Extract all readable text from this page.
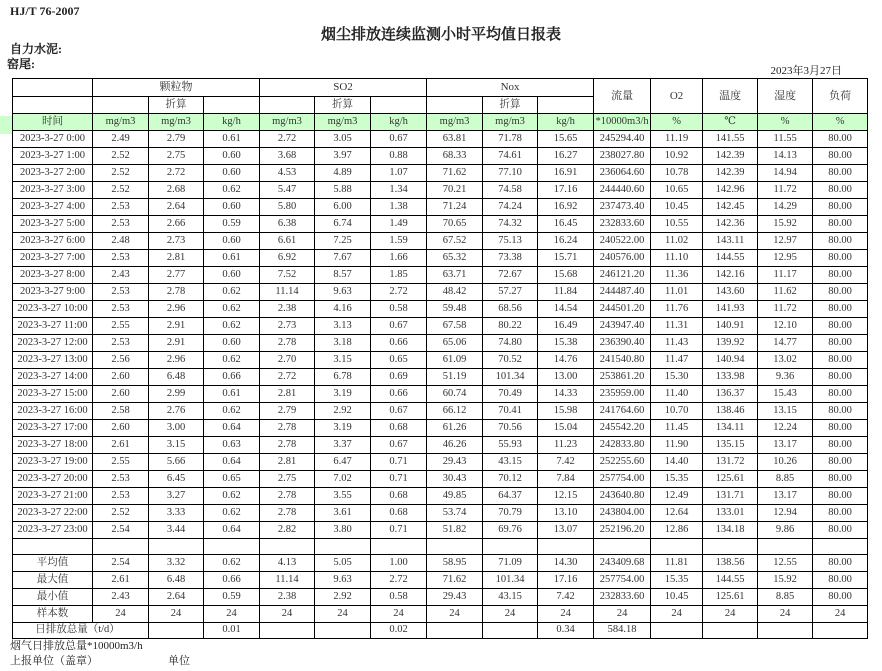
HJ/T 76-2007
烟尘排放连续监测小时平均值日报表
自力水泥:
窑尾:	2023年3月27日
	颗粒物			SO2			Nox			流量	O2	温度	湿度	负荷
		折算			折算			折算						
时间	mg/m3	mg/m3	kg/h	mg/m3	mg/m3	kg/h	mg/m3	mg/m3	kg/h	*10000m3/h	%	℃	%	%
2023-3-27 0:00	2.49	2.79	0.61	2.72	3.05	0.67	63.81	71.78	15.65	245294.40	11.19	141.55	11.55	80.00
2023-3-27 1:00	2.52	2.75	0.60	3.68	3.97	0.88	68.33	74.61	16.27	238027.80	10.92	142.39	14.13	80.00
2023-3-27 2:00	2.52	2.72	0.60	4.53	4.89	1.07	71.62	77.10	16.91	236064.60	10.78	142.39	14.94	80.00
2023-3-27 3:00	2.52	2.68	0.62	5.47	5.88	1.34	70.21	74.58	17.16	244440.60	10.65	142.96	11.72	80.00
2023-3-27 4:00	2.53	2.64	0.60	5.80	6.00	1.38	71.24	74.24	16.92	237473.40	10.45	142.45	14.29	80.00
2023-3-27 5:00	2.53	2.66	0.59	6.38	6.74	1.49	70.65	74.32	16.45	232833.60	10.55	142.36	15.92	80.00
2023-3-27 6:00	2.48	2.73	0.60	6.61	7.25	1.59	67.52	75.13	16.24	240522.00	11.02	143.11	12.97	80.00
2023-3-27 7:00	2.53	2.81	0.61	6.92	7.67	1.66	65.32	73.38	15.71	240576.00	11.10	144.55	12.95	80.00
2023-3-27 8:00	2.43	2.77	0.60	7.52	8.57	1.85	63.71	72.67	15.68	246121.20	11.36	142.16	11.17	80.00
2023-3-27 9:00	2.53	2.78	0.62	11.14	9.63	2.72	48.42	57.27	11.84	244487.40	11.01	143.60	11.62	80.00
2023-3-27 10:00	2.53	2.96	0.62	2.38	4.16	0.58	59.48	68.56	14.54	244501.20	11.76	141.93	11.72	80.00
2023-3-27 11:00	2.55	2.91	0.62	2.73	3.13	0.67	67.58	80.22	16.49	243947.40	11.31	140.91	12.10	80.00
2023-3-27 12:00	2.53	2.91	0.60	2.78	3.18	0.66	65.06	74.80	15.38	236390.40	11.43	139.92	14.77	80.00
2023-3-27 13:00	2.56	2.96	0.62	2.70	3.15	0.65	61.09	70.52	14.76	241540.80	11.47	140.94	13.02	80.00
2023-3-27 14:00	2.60	6.48	0.66	2.72	6.78	0.69	51.19	101.34	13.00	253861.20	15.30	133.98	9.36	80.00
2023-3-27 15:00	2.60	2.99	0.61	2.81	3.19	0.66	60.74	70.49	14.33	235959.00	11.40	136.37	15.43	80.00
2023-3-27 16:00	2.58	2.76	0.62	2.79	2.92	0.67	66.12	70.41	15.98	241764.60	10.70	138.46	13.15	80.00
2023-3-27 17:00	2.60	3.00	0.64	2.78	3.19	0.68	61.26	70.56	15.04	245542.20	11.45	134.11	12.24	80.00
2023-3-27 18:00	2.61	3.15	0.63	2.78	3.37	0.67	46.26	55.93	11.23	242833.80	11.90	135.15	13.17	80.00
2023-3-27 19:00	2.55	5.66	0.64	2.81	6.47	0.71	29.43	43.15	7.42	252255.60	14.40	131.72	10.26	80.00
2023-3-27 20:00	2.53	6.45	0.65	2.75	7.02	0.71	30.43	70.12	7.84	257754.00	15.35	125.61	8.85	80.00
2023-3-27 21:00	2.53	3.27	0.62	2.78	3.55	0.68	49.85	64.37	12.15	243640.80	12.49	131.71	13.17	80.00
2023-3-27 22:00	2.52	3.33	0.62	2.78	3.61	0.68	53.74	70.79	13.10	243804.00	12.64	133.01	12.94	80.00
2023-3-27 23:00	2.54	3.44	0.64	2.82	3.80	0.71	51.82	69.76	13.07	252196.20	12.86	134.18	9.86	80.00

平均值	2.54	3.32	0.62	4.13	5.05	1.00	58.95	71.09	14.30	243409.68	11.81	138.56	12.55	80.00
最大值	2.61	6.48	0.66	11.14	9.63	2.72	71.62	101.34	17.16	257754.00	15.35	144.55	15.92	80.00
最小值	2.43	2.64	0.59	2.38	2.92	0.58	29.43	43.15	7.42	232833.60	10.45	125.61	8.85	80.00
样本数	24	24	24	24	24	24	24	24	24	24	24	24	24	24
日排放总量（t/d）			0.01			0.02			0.34	584.18				
烟气日排放总量*10000m3/h
上报单位（盖章）	单位
